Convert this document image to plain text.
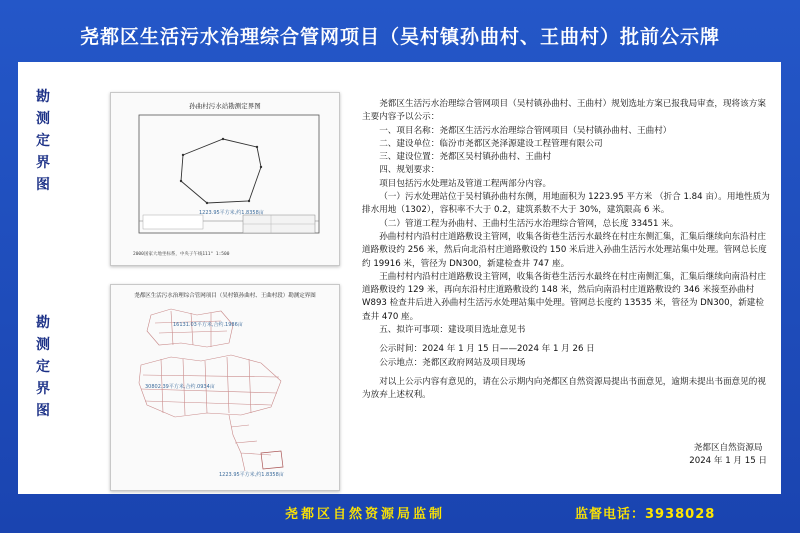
尧都区生活污水治理综合管网项目（吴村镇孙曲村、王曲村）批前公示牌
勘
测
定
界
图
勘
测
定
界
图
孙曲村污水站勘测定界图
1223.95平方米,约1.8358亩
2000国家大地坐标系，中央子午线111° 1:500
尧都区生活污水治理综合管网项目（吴村镇孙曲村、王曲村段）勘测定界图
16131.03平方米,合约.1986亩
30802.39平方米,合约.0934亩
1223.95平方米,约1.8358亩

尧都区生活污水治理综合管网项目（吴村镇孙曲村、王曲村）规划选址方案已报我局审查，现将该方案主要内容予以公示：

一、项目名称：尧都区生活污水治理综合管网项目（吴村镇孙曲村、王曲村）

二、建设单位：临汾市尧都区尧泽源建设工程管理有限公司

三、建设位置：尧都区吴村镇孙曲村、王曲村

四、规划要求：

项目包括污水处理站及管道工程两部分内容。

（一）污水处理站位于吴村镇孙曲村东侧，用地面积为 1223.95 平方米 （折合 1.84 亩）。用地性质为排水用地（1302），容积率不大于 0.2，建筑系数不大于 30%，建筑限高 6 米。

（二）管道工程为孙曲村、王曲村生活污水治理综合管网，总长度 33451 米。

孙曲村村内沿村庄道路敷设主管网，收集各街巷生活污水最终在村庄东侧汇集，汇集后继续向东沿村庄道路敷设约 256 米，然后向北沿村庄道路敷设约 150 米后进入孙曲生活污水处理站集中处理。管网总长度约 19916 米，管径为 DN300，新建检查井 747 座。

王曲村村内沿村庄道路敷设主管网，收集各街巷生活污水最终在村庄南侧汇集，汇集后继续向南沿村庄道路敷设约 129 米，再向东沿村庄道路敷设约 148 米，然后向南沿村庄道路敷设约 346 米接至孙曲村 W893 检查井后进入孙曲村生活污水处理站集中处理。管网总长度约 13535 米，管径为 DN300，新建检查井 470 座。

五、拟许可事项：建设项目选址意见书

公示时间：2024 年 1 月 15 日——2024 年 1 月 26 日

公示地点：尧都区政府网站及项目现场

对以上公示内容有意见的，请在公示期内向尧都区自然资源局提出书面意见，逾期未提出书面意见的视为放弃上述权利。

尧都区自然资源局
2024 年 1 月 15 日
尧都区自然资源局监制	监督电话：3938028
